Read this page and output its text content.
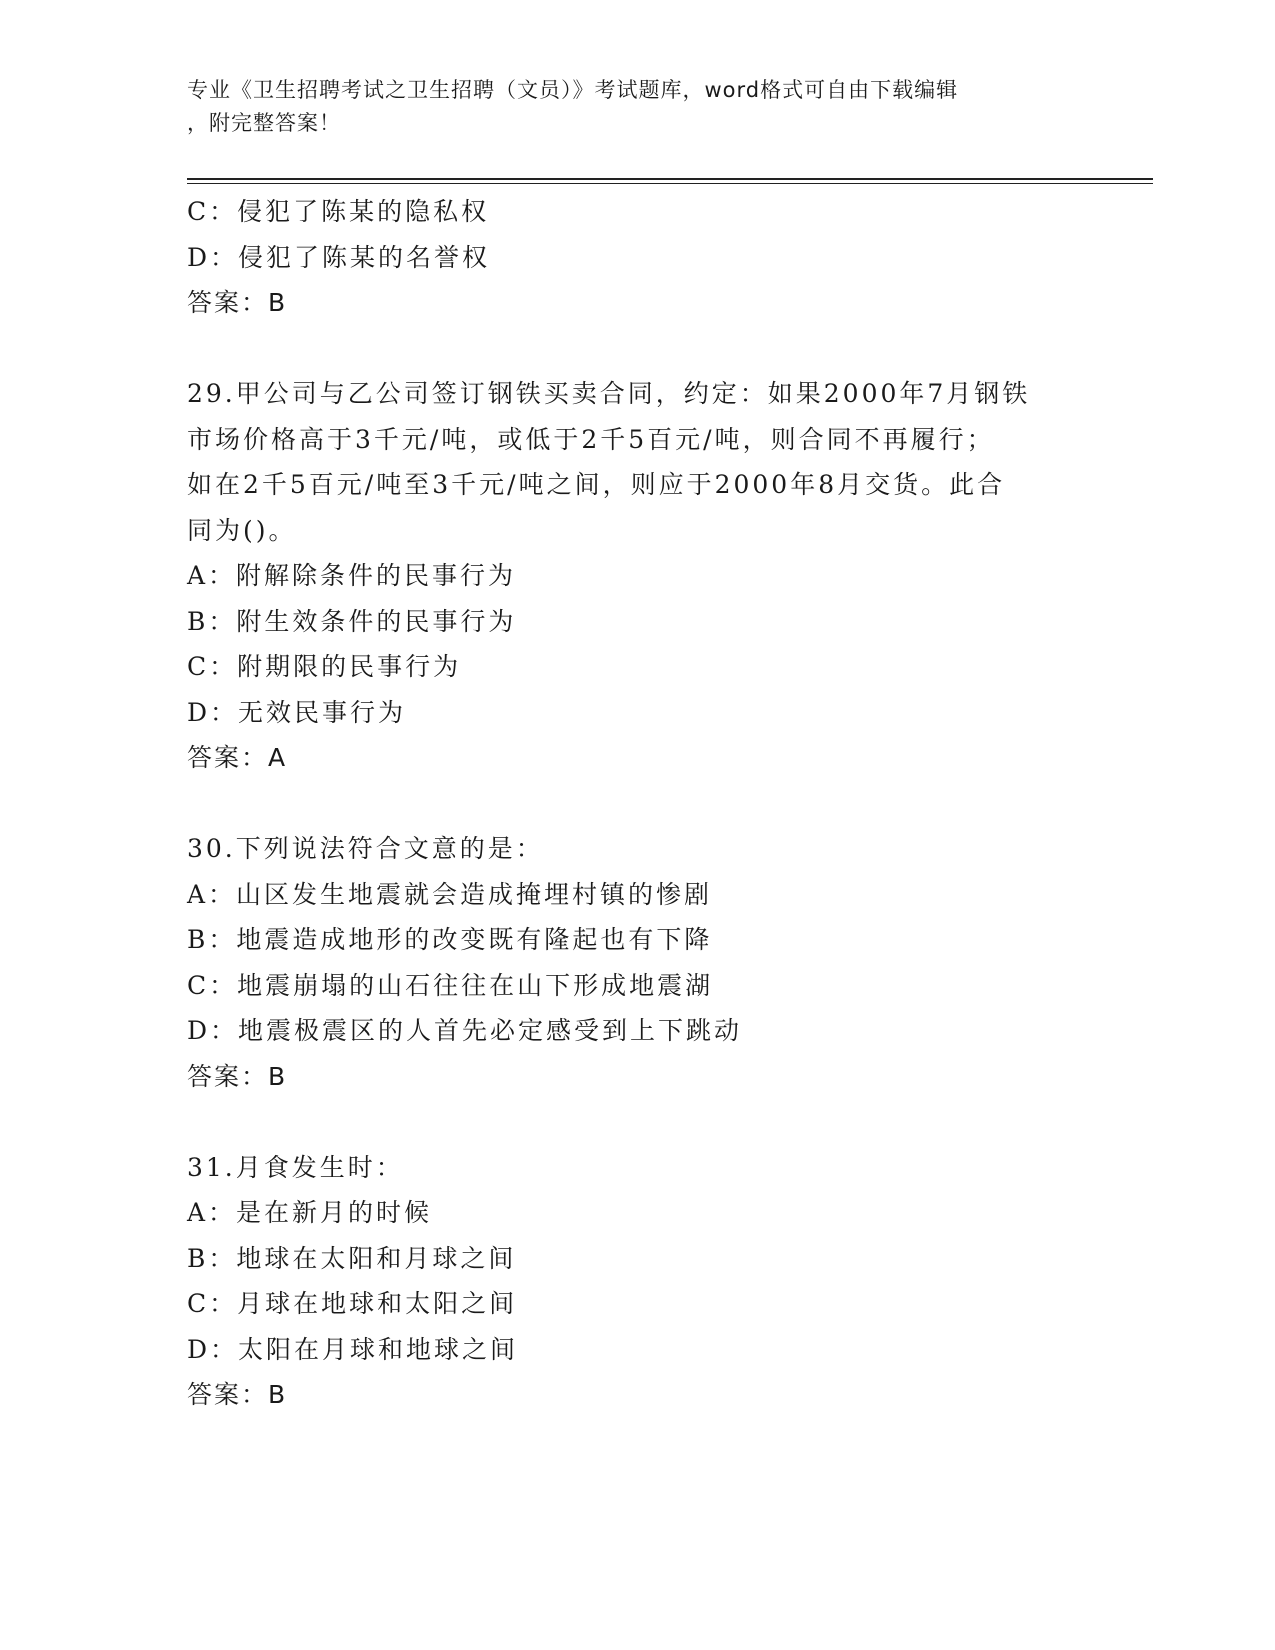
专业《卫生招聘考试之卫生招聘（文员）》考试题库，word格式可自由下载编辑
，附完整答案！
C：侵犯了陈某的隐私权
D：侵犯了陈某的名誉权
答案：B
29.甲公司与乙公司签订钢铁买卖合同，约定：如果2000年7月钢铁
市场价格高于3千元/吨，或低于2千5百元/吨，则合同不再履行；
如在2千5百元/吨至3千元/吨之间，则应于2000年8月交货。此合
同为()。
A：附解除条件的民事行为
B：附生效条件的民事行为
C：附期限的民事行为
D：无效民事行为
答案：A
30.下列说法符合文意的是：
A：山区发生地震就会造成掩埋村镇的惨剧
B：地震造成地形的改变既有隆起也有下降
C：地震崩塌的山石往往在山下形成地震湖
D：地震极震区的人首先必定感受到上下跳动
答案：B
31.月食发生时：
A：是在新月的时候
B：地球在太阳和月球之间
C：月球在地球和太阳之间
D：太阳在月球和地球之间
答案：B
